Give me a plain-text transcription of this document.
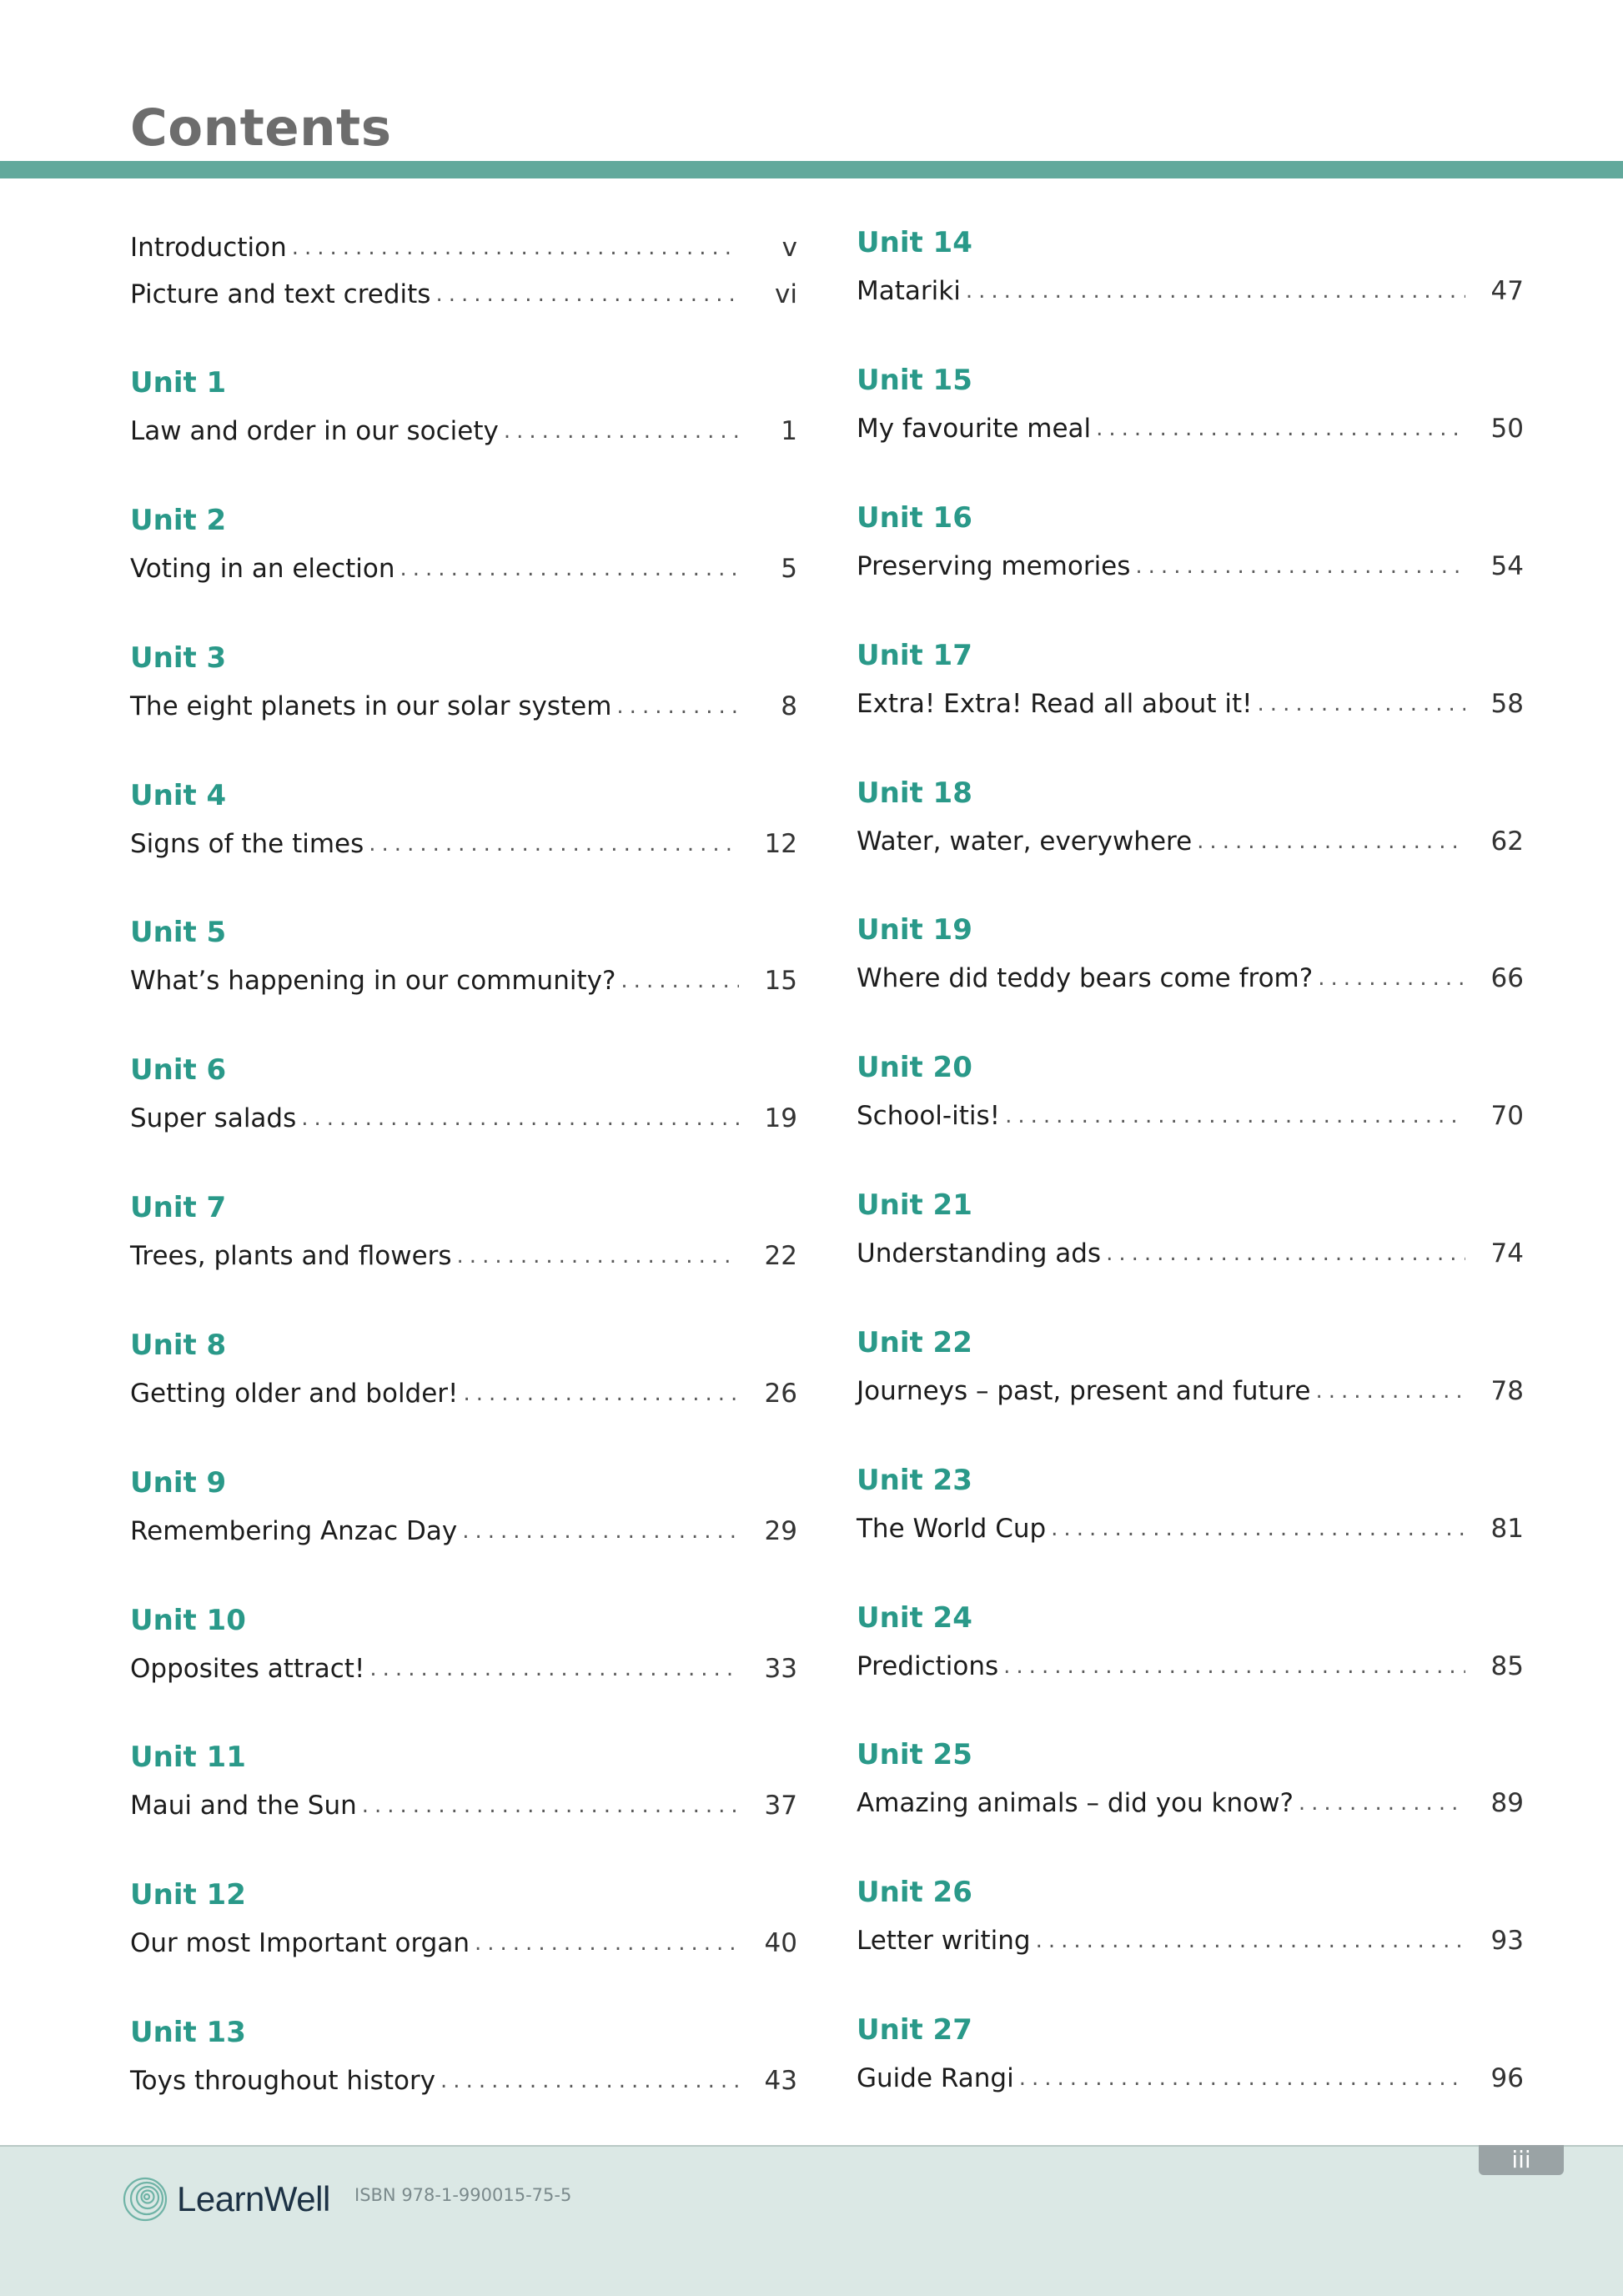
Contents
Introduction .....	v
Picture and text credits .....	vi
Unit 1
Law and order in our society .....	1
Unit 2
Voting in an election .....	5
Unit 3
The eight planets in our solar system .....	8
Unit 4
Signs of the times .....	12
Unit 5
What’s happening in our community? .....	15
Unit 6
Super salads .....	19
Unit 7
Trees, plants and flowers .....	22
Unit 8
Getting older and bolder! .....	26
Unit 9
Remembering Anzac Day .....	29
Unit 10
Opposites attract! .....	33
Unit 11
Maui and the Sun .....	37
Unit 12
Our most Important organ .....	40
Unit 13
Toys throughout history .....	43
Unit 14
Matariki .....	47
Unit 15
My favourite meal .....	50
Unit 16
Preserving memories .....	54
Unit 17
Extra! Extra! Read all about it! .....	58
Unit 18
Water, water, everywhere .....	62
Unit 19
Where did teddy bears come from? .....	66
Unit 20
School-itis! .....	70
Unit 21
Understanding ads .....	74
Unit 22
Journeys – past, present and future .....	78
Unit 23
The World Cup .....	81
Unit 24
Predictions .....	85
Unit 25
Amazing animals – did you know? .....	89
Unit 26
Letter writing .....	93
Unit 27
Guide Rangi .....	96
LearnWell ISBN 978-1-990015-75-5
iii
